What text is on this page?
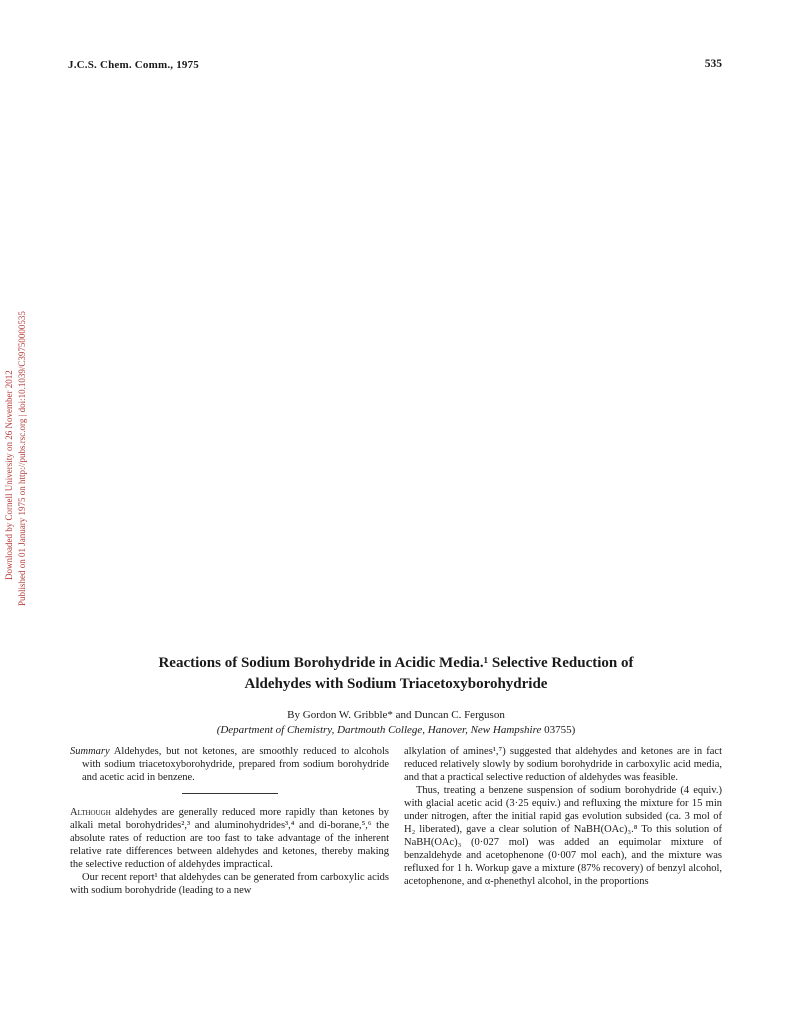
J.C.S. Chem. Comm., 1975	535
Downloaded by Cornell University on 26 November 2012 Published on 01 January 1975 on http://pubs.rsc.org | doi:10.1039/C39750000535
Reactions of Sodium Borohydride in Acidic Media.¹ Selective Reduction of
Aldehydes with Sodium Triacetoxyborohydride
By Gordon W. Gribble* and Duncan C. Ferguson
(Department of Chemistry, Dartmouth College, Hanover, New Hampshire 03755)

Summary Aldehydes, but not ketones, are smoothly reduced to alcohols with sodium triacetoxyborohydride, prepared from sodium borohydride and acetic acid in benzene.

Although aldehydes are generally reduced more rapidly than ketones by alkali metal borohydrides²,³ and aluminohydrides³,⁴ and di-borane,⁵,⁶ the absolute rates of reduction are too fast to take advantage of the inherent relative rate differences between aldehydes and ketones, thereby making the selective reduction of aldehydes impractical.

Our recent report¹ that aldehydes can be generated from carboxylic acids with sodium borohydride (leading to a new

alkylation of amines¹,⁷) suggested that aldehydes and ketones are in fact reduced relatively slowly by sodium borohydride in carboxylic acid media, and that a practical selective reduction of aldehydes was feasible.

Thus, treating a benzene suspension of sodium borohydride (4 equiv.) with glacial acetic acid (3·25 equiv.) and refluxing the mixture for 15 min under nitrogen, after the initial rapid gas evolution subsided (ca. 3 mol of H₂ liberated), gave a clear solution of NaBH(OAc)₃.⁸ To this solution of NaBH(OAc)₃ (0·027 mol) was added an equimolar mixture of benzaldehyde and acetophenone (0·007 mol each), and the mixture was refluxed for 1 h. Workup gave a mixture (87% recovery) of benzyl alcohol, acetophenone, and α-phenethyl alcohol, in the proportions
